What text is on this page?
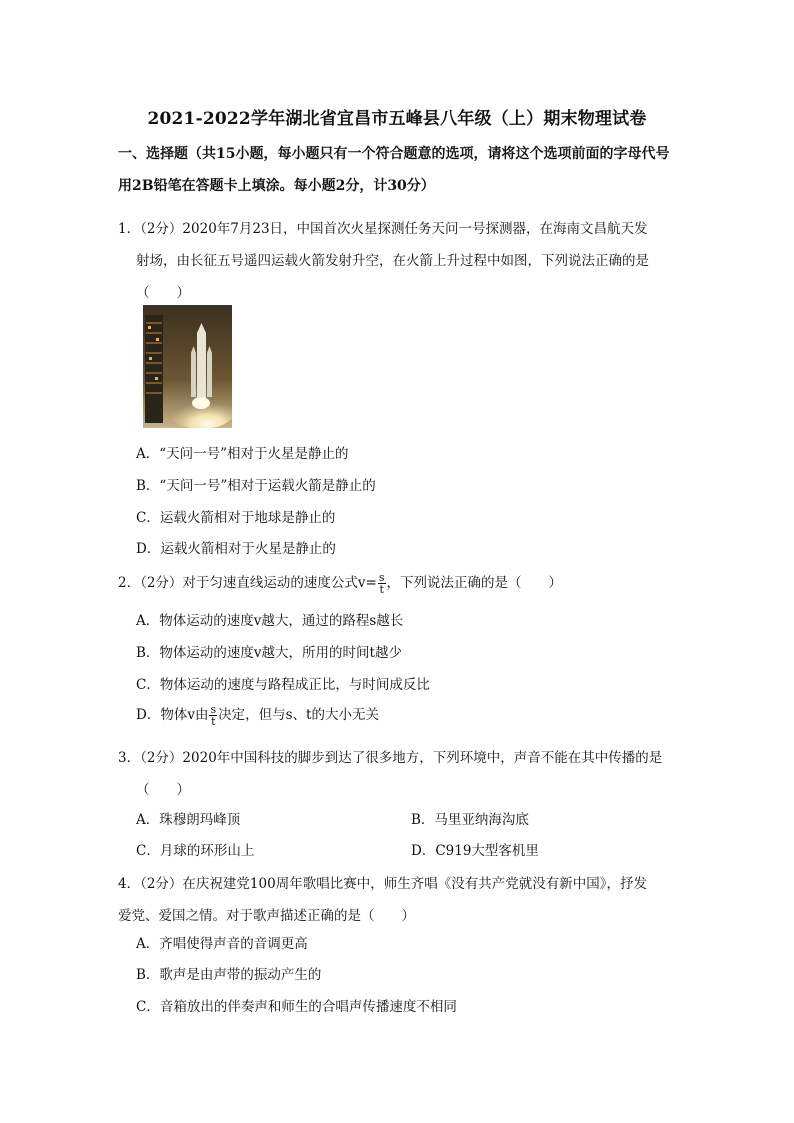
2021-2022学年湖北省宜昌市五峰县八年级（上）期末物理试卷
一、选择题（共15小题，每小题只有一个符合题意的选项，请将这个选项前面的字母代号
用2B铅笔在答题卡上填涂。每小题2分，计30分）
1．（2分）2020年7月23日，中国首次火星探测任务天问一号探测器，在海南文昌航天发
射场，由长征五号遥四运载火箭发射升空，在火箭上升过程中如图，下列说法正确的是
（　　）
A．“天问一号”相对于火星是静止的
B．“天问一号”相对于运载火箭是静止的
C．运载火箭相对于地球是静止的
D．运载火箭相对于火星是静止的
2．（2分）对于匀速直线运动的速度公式$v= \frac{s}{t}$ ，下列说法正确的是（　　）
A．物体运动的速度v越大，通过的路程s越长
B．物体运动的速度v越大，所用的时间t越少
C．物体运动的速度与路程成正比，与时间成反比
D．物体v由 $\frac{s}{t}$ 决定，但与s、t的大小无关
3．（2分）2020年中国科技的脚步到达了很多地方，下列环境中，声音不能在其中传播的是
（　　）
A．珠穆朗玛峰顶	B．马里亚纳海沟底
C．月球的环形山上	D．C919大型客机里
4．（2分）在庆祝建党100周年歌唱比赛中，师生齐唱《没有共产党就没有新中国》，抒发
爱党、爱国之情。对于歌声描述正确的是（　　）
A．齐唱使得声音的音调更高
B．歌声是由声带的振动产生的
C．音箱放出的伴奏声和师生的合唱声传播速度不相同
